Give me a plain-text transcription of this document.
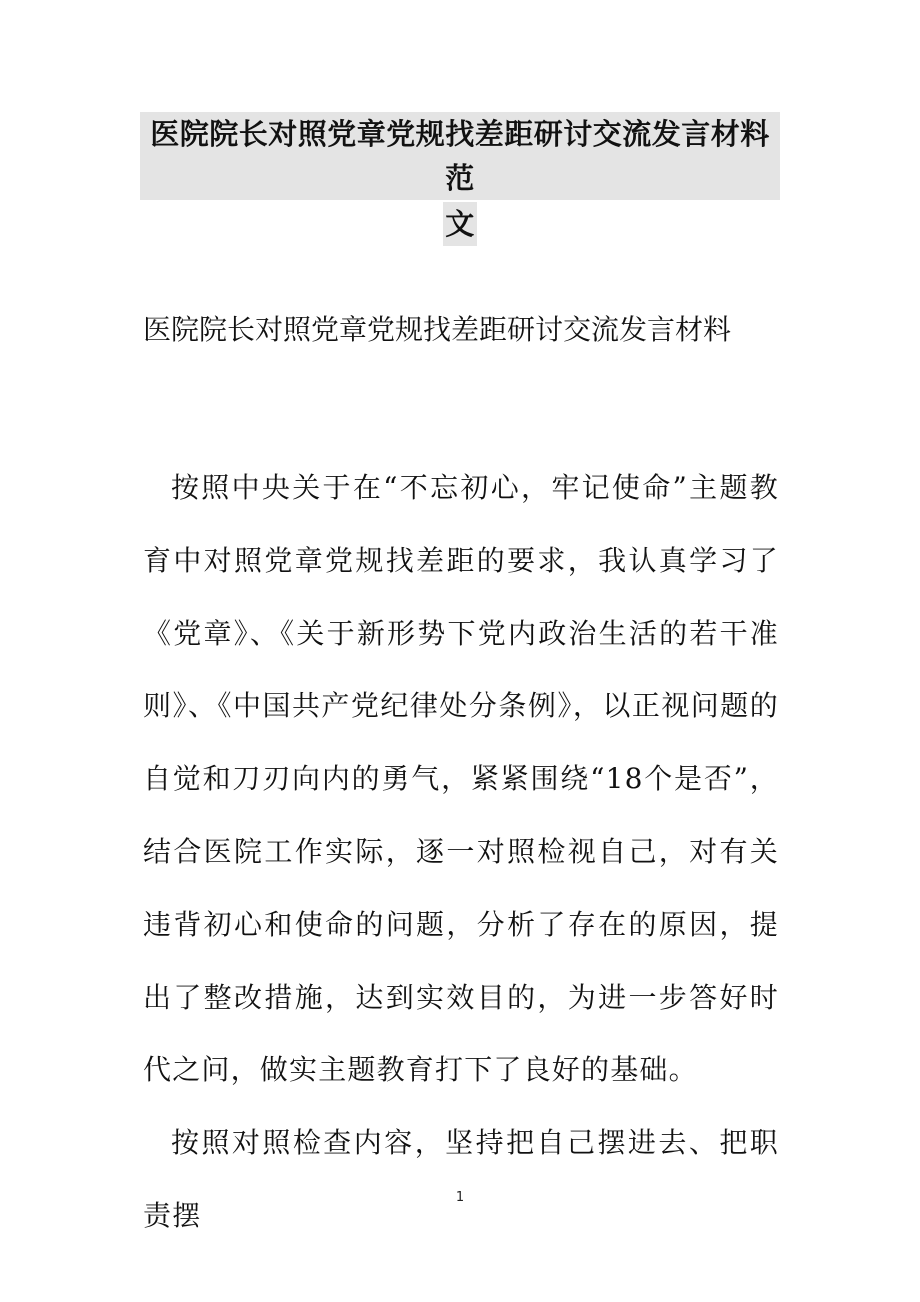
医院院长对照党章党规找差距研讨交流发言材料范
文
医院院长对照党章党规找差距研讨交流发言材料

按照中央关于在“不忘初心，牢记使命”主题教育中对照党章党规找差距的要求，我认真学习了《党章》、《关于新形势下党内政治生活的若干准则》、《中国共产党纪律处分条例》，以正视问题的自觉和刀刃向内的勇气，紧紧围绕“18个是否”，结合医院工作实际，逐一对照检视自己，对有关违背初心和使命的问题，分析了存在的原因，提出了整改措施，达到实效目的，为进一步答好时代之问，做实主题教育打下了良好的基础。

按照对照检查内容，坚持把自己摆进去、把职责摆

1
